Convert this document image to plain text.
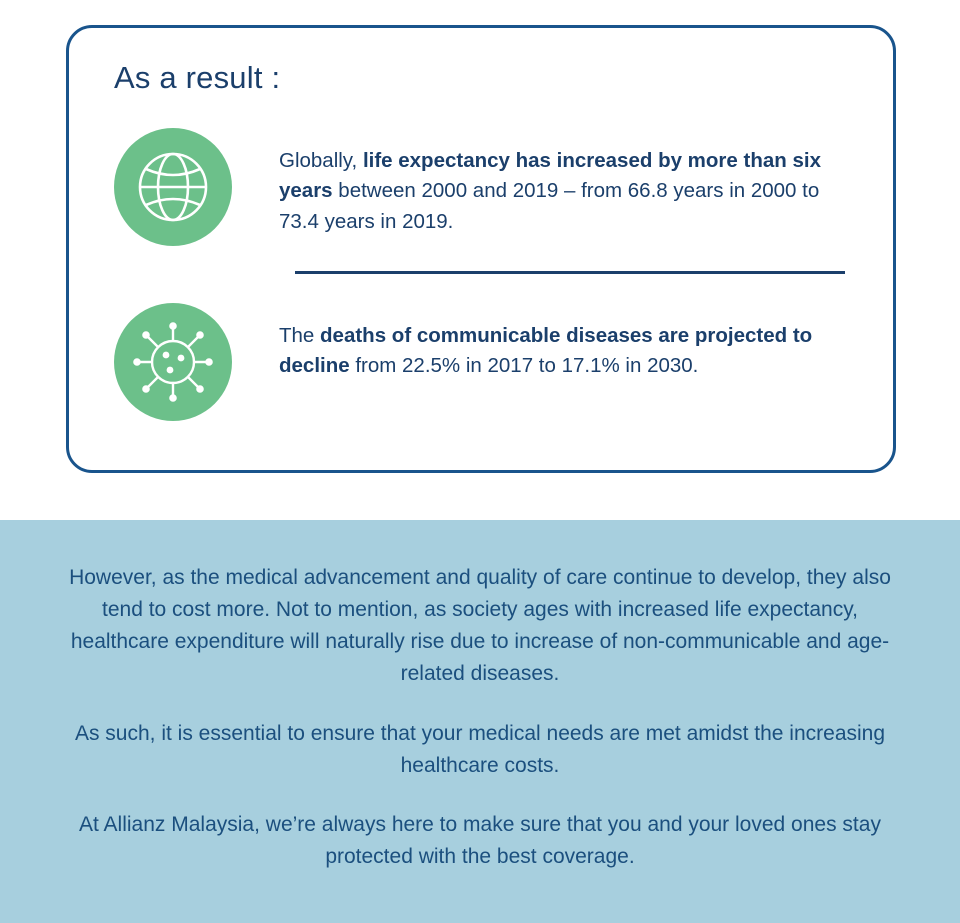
As a result :
Globally, life expectancy has increased by more than six years between 2000 and 2019 – from 66.8 years in 2000 to 73.4 years in 2019.
The deaths of communicable diseases are projected to decline from 22.5% in 2017 to 17.1% in 2030.

However, as the medical advancement and quality of care continue to develop, they also tend to cost more. Not to mention, as society ages with increased life expectancy, healthcare expenditure will naturally rise due to increase of non-communicable and age-related diseases.

As such, it is essential to ensure that your medical needs are met amidst the increasing healthcare costs.

At Allianz Malaysia, we’re always here to make sure that you and your loved ones stay protected with the best coverage.
